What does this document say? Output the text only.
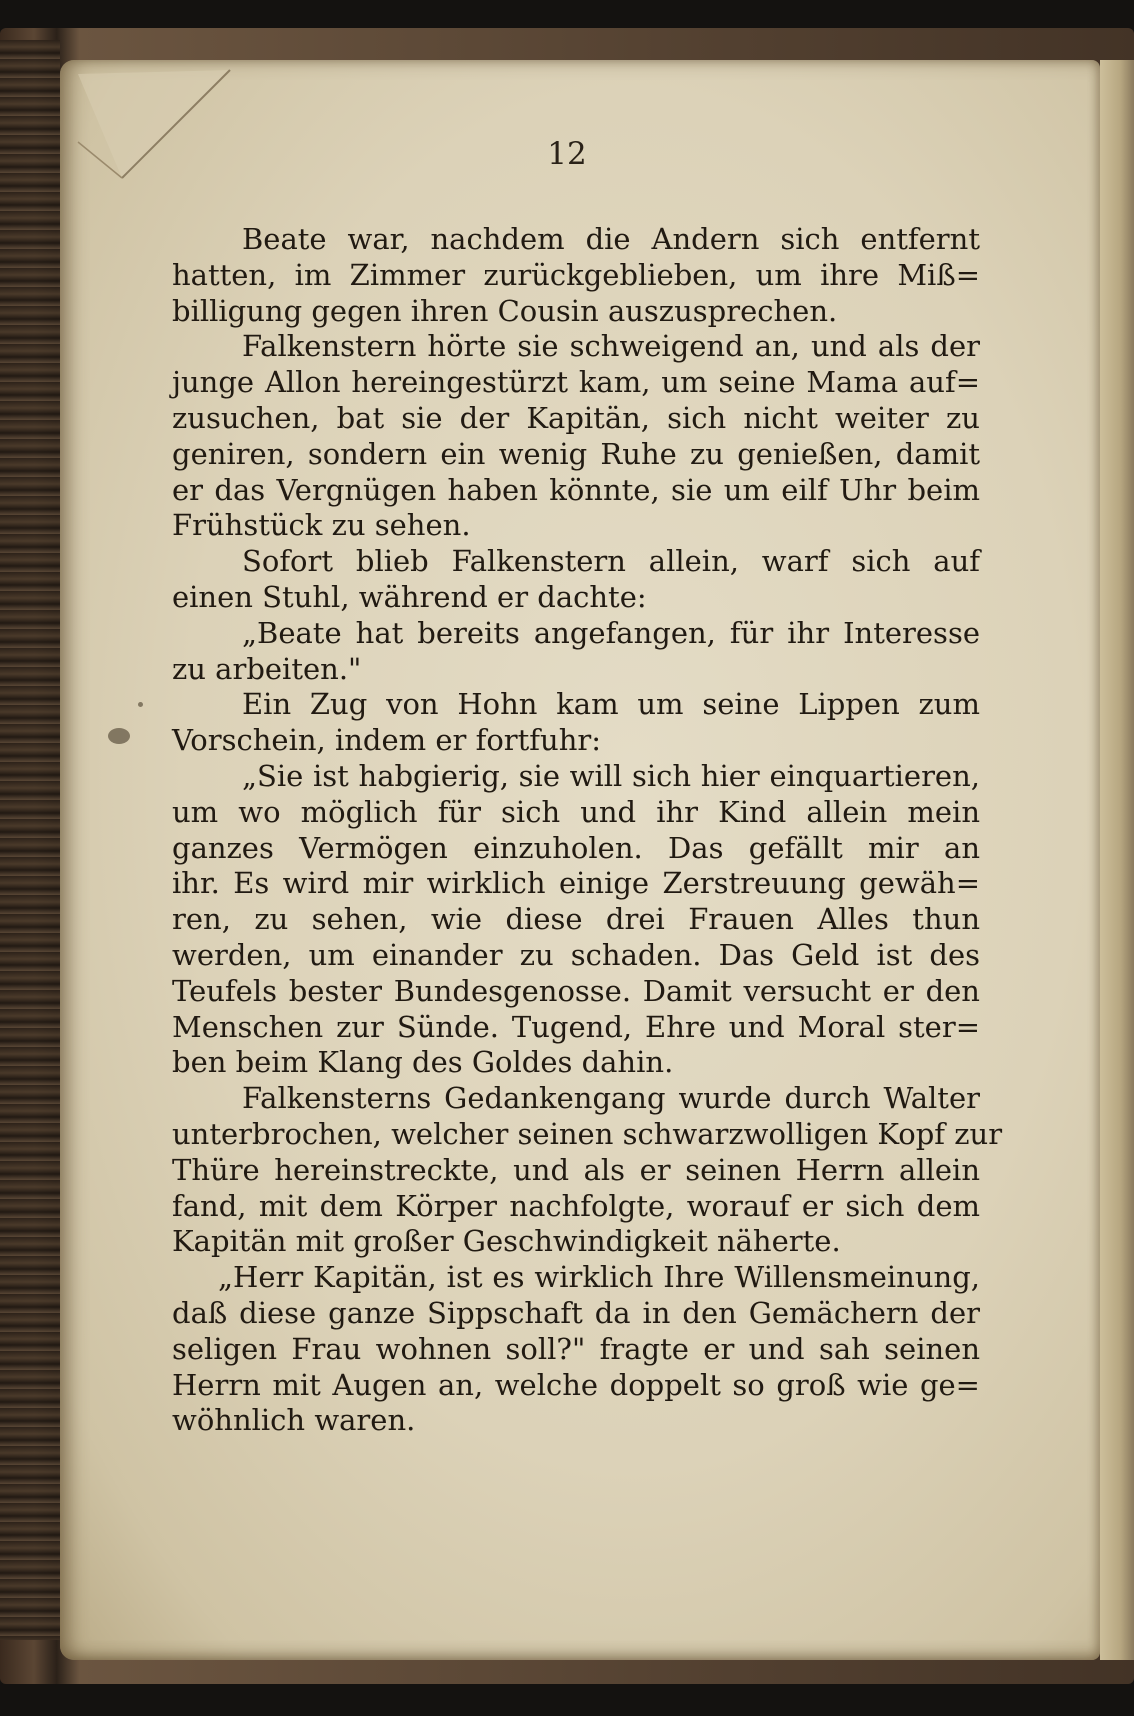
12

Beate war, nachdem die Andern sich entfernt
hatten, im Zimmer zurückgeblieben, um ihre Miß=
billigung gegen ihren Cousin auszusprechen.

Falkenstern hörte sie schweigend an, und als der
junge Allon hereingestürzt kam, um seine Mama auf=
zusuchen, bat sie der Kapitän, sich nicht weiter zu
geniren, sondern ein wenig Ruhe zu genießen, damit
er das Vergnügen haben könnte, sie um eilf Uhr beim
Frühstück zu sehen.

Sofort blieb Falkenstern allein, warf sich auf
einen Stuhl, während er dachte:

„Beate hat bereits angefangen, für ihr Interesse
zu arbeiten."

Ein Zug von Hohn kam um seine Lippen zum
Vorschein, indem er fortfuhr:

„Sie ist habgierig, sie will sich hier einquartieren,
um wo möglich für sich und ihr Kind allein mein
ganzes Vermögen einzuholen. Das gefällt mir an
ihr. Es wird mir wirklich einige Zerstreuung gewäh=
ren, zu sehen, wie diese drei Frauen Alles thun
werden, um einander zu schaden. Das Geld ist des
Teufels bester Bundesgenosse. Damit versucht er den
Menschen zur Sünde. Tugend, Ehre und Moral ster=
ben beim Klang des Goldes dahin.

Falkensterns Gedankengang wurde durch Walter
unterbrochen, welcher seinen schwarzwolligen Kopf zur
Thüre hereinstreckte, und als er seinen Herrn allein
fand, mit dem Körper nachfolgte, worauf er sich dem
Kapitän mit großer Geschwindigkeit näherte.

„Herr Kapitän, ist es wirklich Ihre Willensmeinung,
daß diese ganze Sippschaft da in den Gemächern der
seligen Frau wohnen soll?" fragte er und sah seinen
Herrn mit Augen an, welche doppelt so groß wie ge=
wöhnlich waren.
